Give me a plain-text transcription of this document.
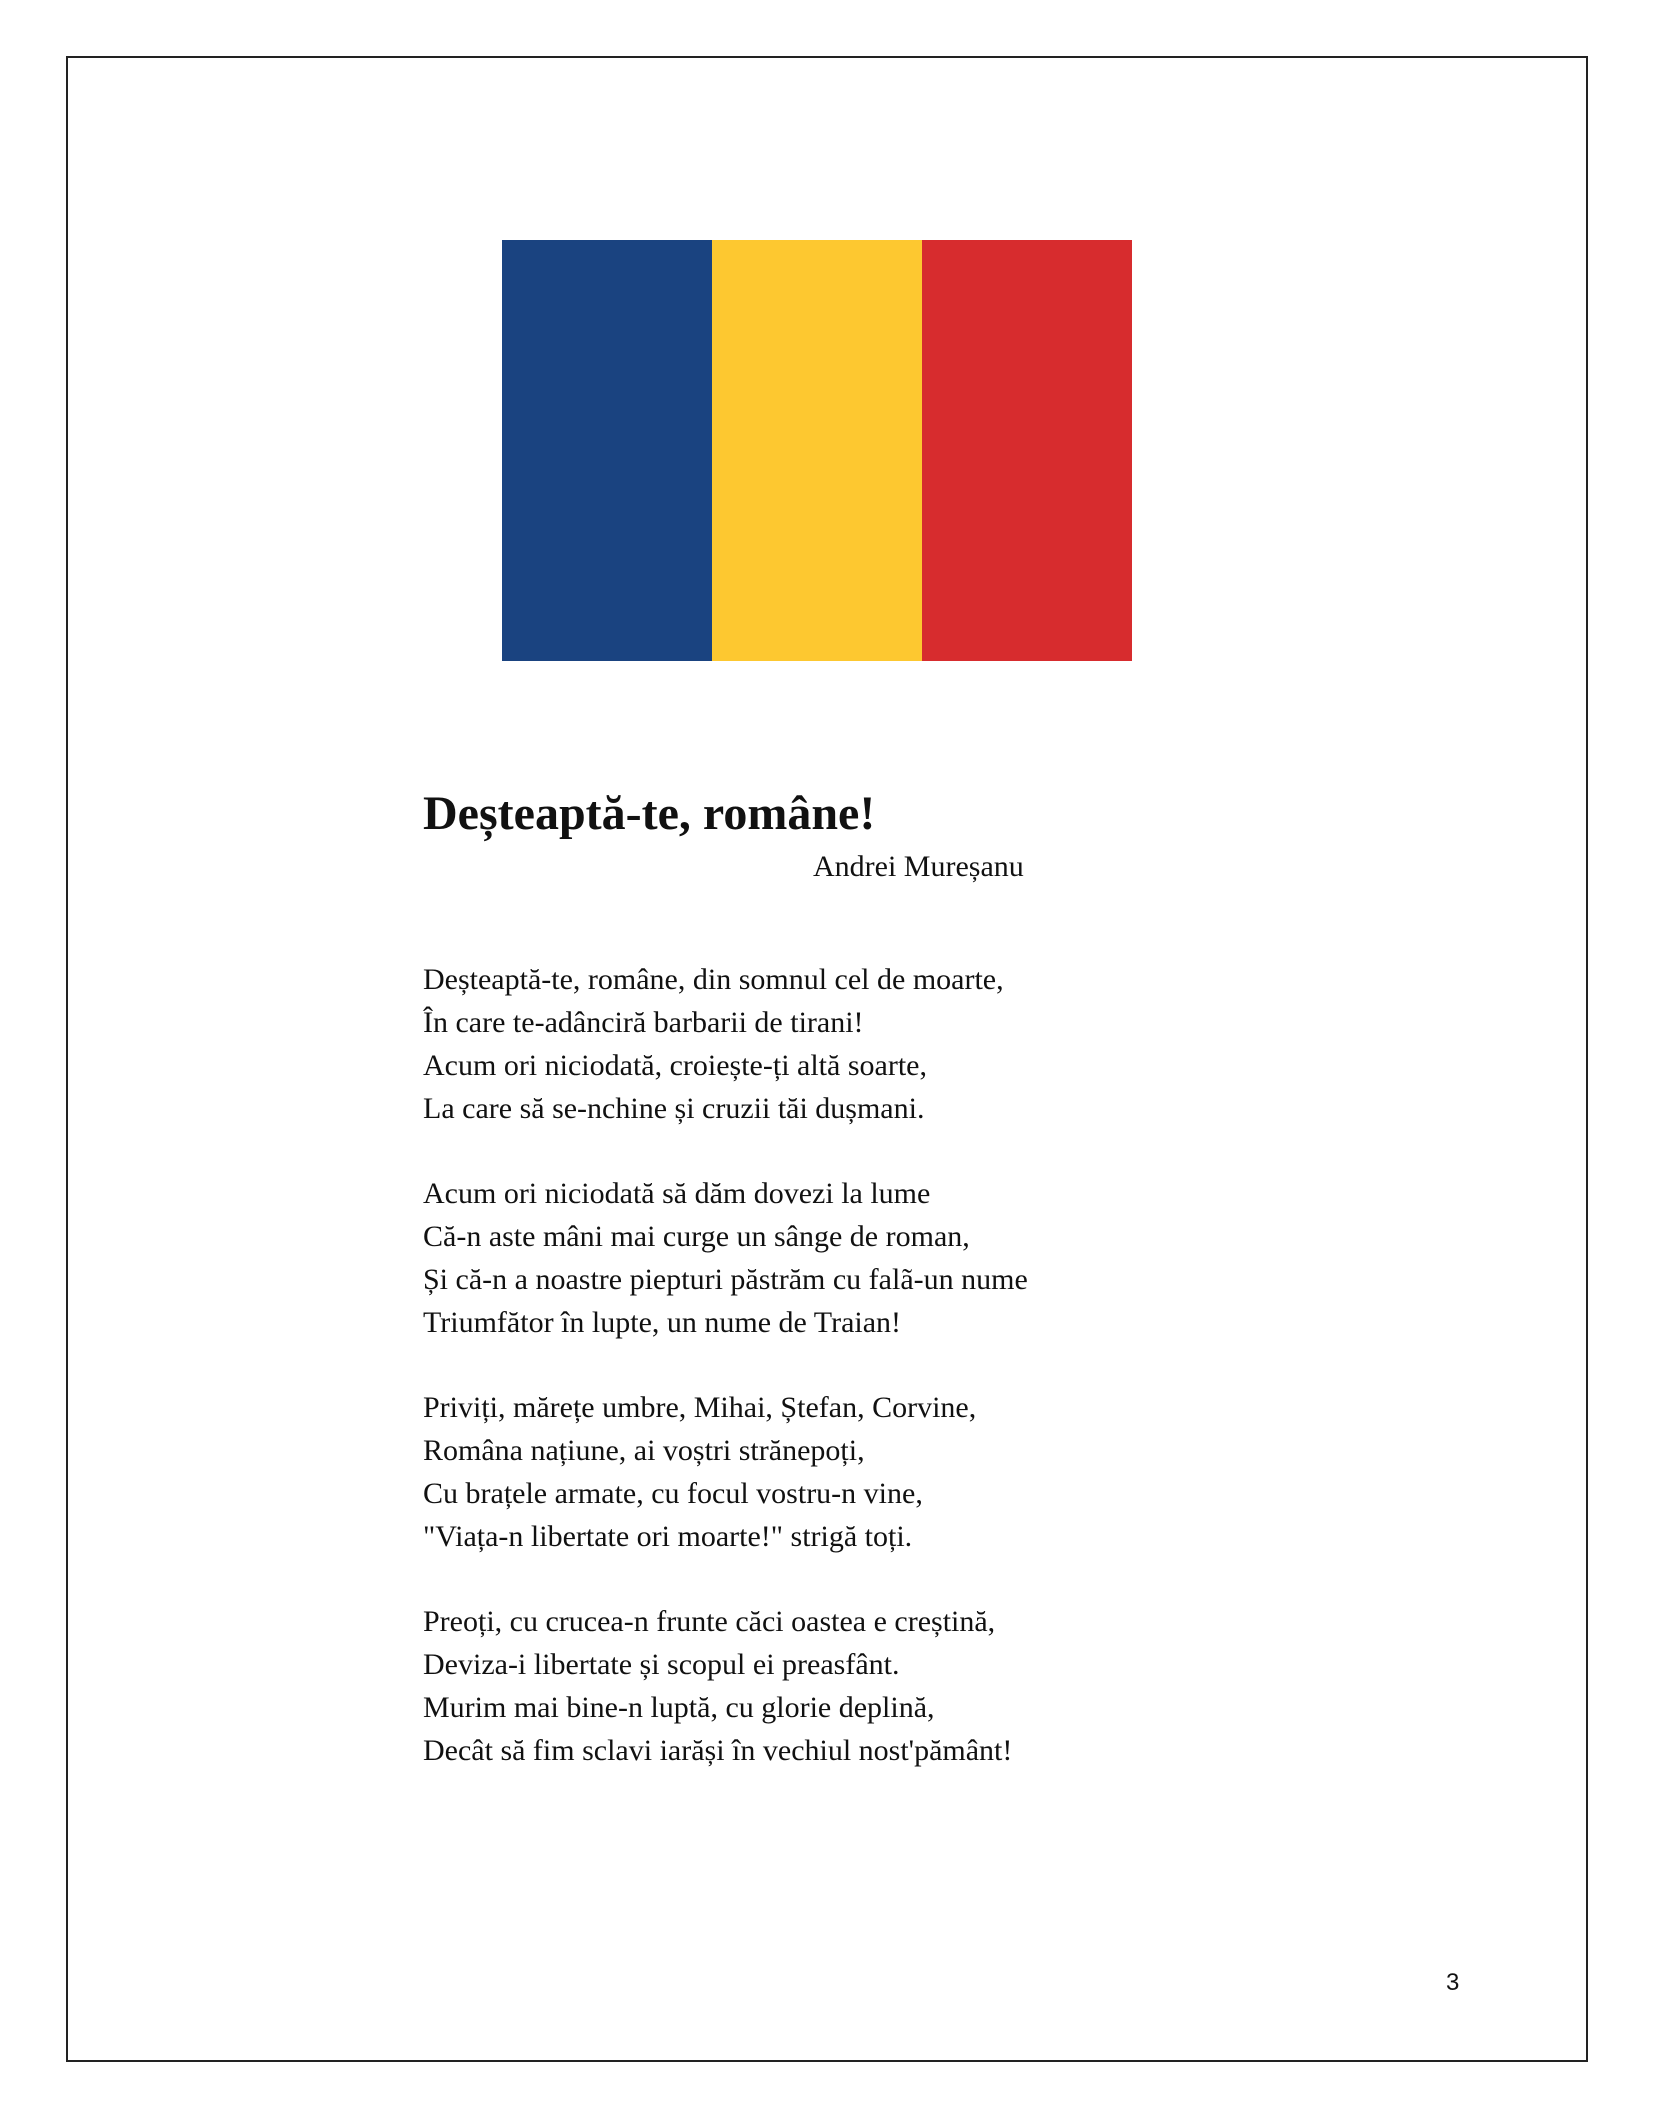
Deșteaptă-te, române!
Andrei Mureșanu

Deșteaptă-te, române, din somnul cel de moarte,
În care te-adânciră barbarii de tirani!
Acum ori niciodată, croiește-ți altă soarte,
La care să se-nchine și cruzii tăi dușmani.

Acum ori niciodată să dăm dovezi la lume
Că-n aste mâni mai curge un sânge de roman,
Și că-n a noastre piepturi păstrăm cu falã-un nume
Triumfător în lupte, un nume de Traian!

Priviți, mărețe umbre, Mihai, Ștefan, Corvine,
Româna națiune, ai voștri strănepoți,
Cu brațele armate, cu focul vostru-n vine,
"Viața-n libertate ori moarte!" strigă toți.

Preoți, cu crucea-n frunte căci oastea e creștină,
Deviza-i libertate și scopul ei preasfânt.
Murim mai bine-n luptă, cu glorie deplină,
Decât să fim sclavi iarăși în vechiul nost'pământ!

3
